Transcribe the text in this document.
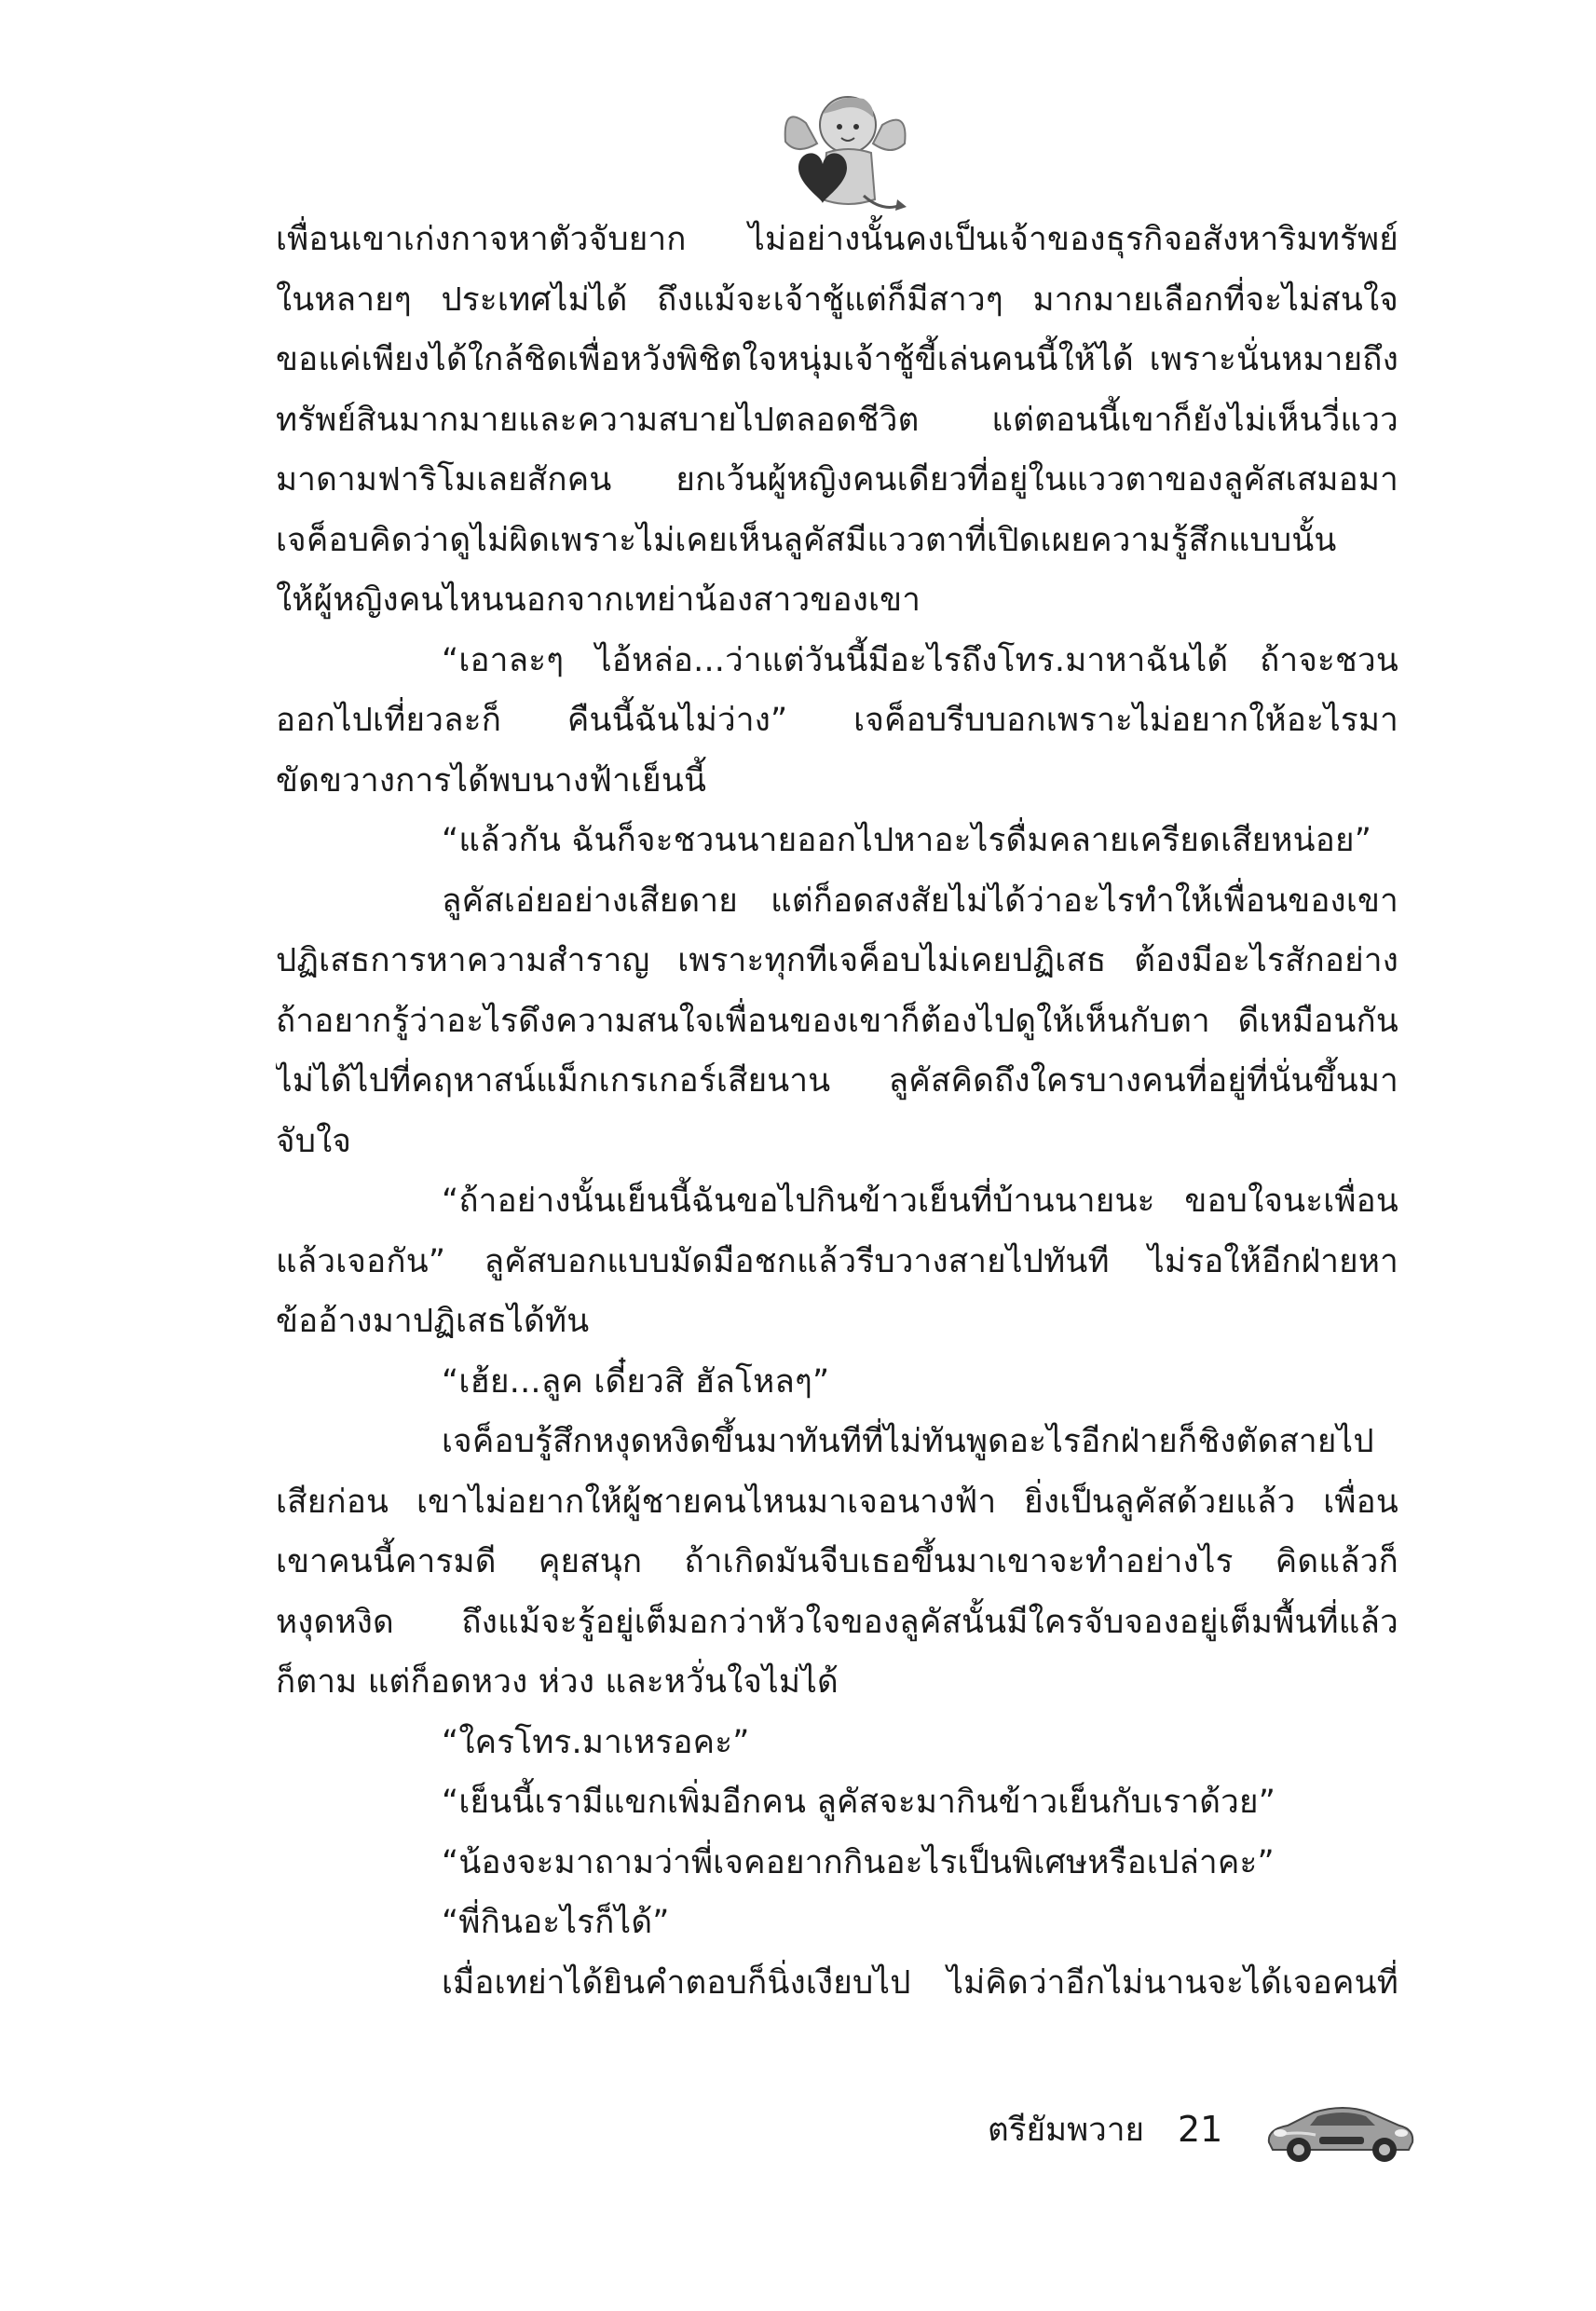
เพื่อนเขาเก่งกาจหาตัวจับยาก ไม่อย่างนั้นคงเป็นเจ้าของธุรกิจอสังหาริมทรัพย์
ในหลายๆ ประเทศไม่ได้ ถึงแม้จะเจ้าชู้แต่ก็มีสาวๆ มากมายเลือกที่จะไม่สนใจ
ขอแค่เพียงได้ใกล้ชิดเพื่อหวังพิชิตใจหนุ่มเจ้าชู้ขี้เล่นคนนี้ให้ได้ เพราะนั่นหมายถึง
ทรัพย์สินมากมายและความสบายไปตลอดชีวิต แต่ตอนนี้เขาก็ยังไม่เห็นวี่แวว
มาดามฟาริโมเลยสักคน ยกเว้นผู้หญิงคนเดียวที่อยู่ในแววตาของลูคัสเสมอมา
เจค็อบคิดว่าดูไม่ผิดเพราะไม่เคยเห็นลูคัสมีแววตาที่เปิดเผยความรู้สึกแบบนั้น
ให้ผู้หญิงคนไหนนอกจากเทย่าน้องสาวของเขา
“เอาละๆ ไอ้หล่อ...ว่าแต่วันนี้มีอะไรถึงโทร.มาหาฉันได้ ถ้าจะชวน
ออกไปเที่ยวละก็ คืนนี้ฉันไม่ว่าง” เจค็อบรีบบอกเพราะไม่อยากให้อะไรมา
ขัดขวางการได้พบนางฟ้าเย็นนี้
“แล้วกัน ฉันก็จะชวนนายออกไปหาอะไรดื่มคลายเครียดเสียหน่อย”
ลูคัสเอ่ยอย่างเสียดาย แต่ก็อดสงสัยไม่ได้ว่าอะไรทำให้เพื่อนของเขา
ปฏิเสธการหาความสำราญ เพราะทุกทีเจค็อบไม่เคยปฏิเสธ ต้องมีอะไรสักอย่าง
ถ้าอยากรู้ว่าอะไรดึงความสนใจเพื่อนของเขาก็ต้องไปดูให้เห็นกับตา ดีเหมือนกัน
ไม่ได้ไปที่คฤหาสน์แม็กเกรเกอร์เสียนาน ลูคัสคิดถึงใครบางคนที่อยู่ที่นั่นขึ้นมา
จับใจ
“ถ้าอย่างนั้นเย็นนี้ฉันขอไปกินข้าวเย็นที่บ้านนายนะ ขอบใจนะเพื่อน
แล้วเจอกัน” ลูคัสบอกแบบมัดมือชกแล้วรีบวางสายไปทันที ไม่รอให้อีกฝ่ายหา
ข้ออ้างมาปฏิเสธได้ทัน
“เฮ้ย...ลูค เดี๋ยวสิ ฮัลโหลๆ”
เจค็อบรู้สึกหงุดหงิดขึ้นมาทันทีที่ไม่ทันพูดอะไรอีกฝ่ายก็ชิงตัดสายไป
เสียก่อน เขาไม่อยากให้ผู้ชายคนไหนมาเจอนางฟ้า ยิ่งเป็นลูคัสด้วยแล้ว เพื่อน
เขาคนนี้คารมดี คุยสนุก ถ้าเกิดมันจีบเธอขึ้นมาเขาจะทำอย่างไร คิดแล้วก็
หงุดหงิด ถึงแม้จะรู้อยู่เต็มอกว่าหัวใจของลูคัสนั้นมีใครจับจองอยู่เต็มพื้นที่แล้ว
ก็ตาม แต่ก็อดหวง ห่วง และหวั่นใจไม่ได้
“ใครโทร.มาเหรอคะ”
“เย็นนี้เรามีแขกเพิ่มอีกคน ลูคัสจะมากินข้าวเย็นกับเราด้วย”
“น้องจะมาถามว่าพี่เจคอยากกินอะไรเป็นพิเศษหรือเปล่าคะ”
“พี่กินอะไรก็ได้”
เมื่อเทย่าได้ยินคำตอบก็นิ่งเงียบไป ไม่คิดว่าอีกไม่นานจะได้เจอคนที่
ตรียัมพวาย 21
